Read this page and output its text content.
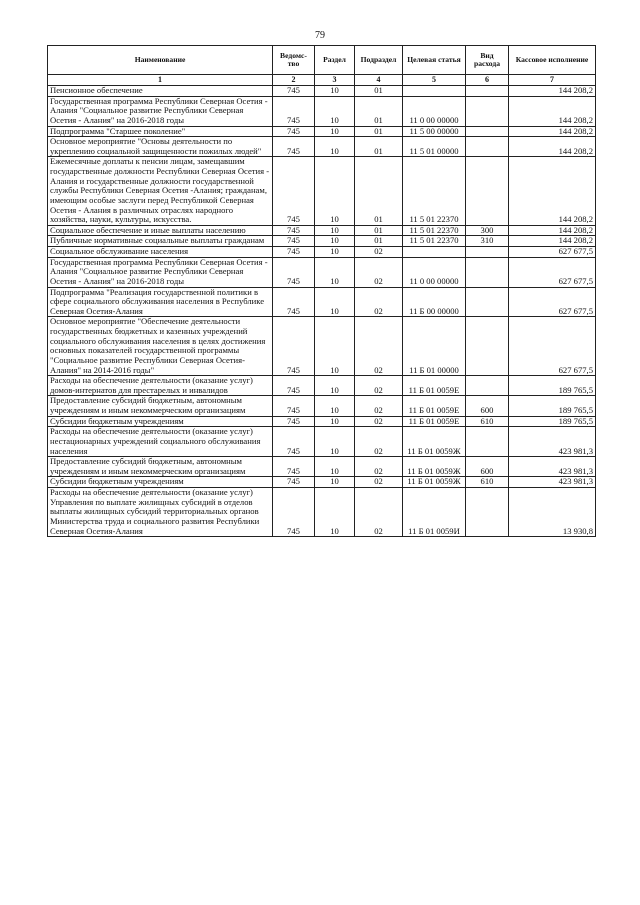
79
Наименование	Ведомс-тво	Раздел	Подраздел	Целевая статья	Вид расхода	Кассовое исполнение
1	2	3	4	5	6	7
Пенсионное обеспечение	745	10	01			144 208,2
Государственная программа Республики Северная Осетия - Алания "Социальное развитие Республики Северная Осетия - Алания" на 2016-2018 годы	745	10	01	11 0 00 00000		144 208,2
Подпрограмма "Старшее поколение"	745	10	01	11 5 00 00000		144 208,2
Основное мероприятие "Основы деятельности по укреплению социальной защищенности пожилых людей"	745	10	01	11 5 01 00000		144 208,2
Ежемесячные доплаты к пенсии лицам, замещавшим государственные должности Республики Северная Осетия - Алания и государственные должности государственной службы Республики Северная Осетия -Алания; гражданам, имеющим особые заслуги перед Республикой Северная Осетия - Алания в различных отраслях народного хозяйства, науки, культуры, искусства.	745	10	01	11 5 01 22370		144 208,2
Социальное обеспечение и иные выплаты населению	745	10	01	11 5 01 22370	300	144 208,2
Публичные нормативные социальные выплаты гражданам	745	10	01	11 5 01 22370	310	144 208,2
Социальное обслуживание населения	745	10	02			627 677,5
Государственная программа Республики Северная Осетия - Алания "Социальное развитие Республики Северная Осетия - Алания" на 2016-2018 годы	745	10	02	11 0 00 00000		627 677,5
Подпрограмма "Реализация государственной политики в сфере социального обслуживания населения в Республике Северная Осетия-Алания	745	10	02	11 Б 00 00000		627 677,5
Основное мероприятие "Обеспечение деятельности государственных бюджетных и казенных учреждений социального обслуживания населения в целях достижения основных показателей государственной программы "Социальное развитие Республики Северная Осетия-Алания" на 2014-2016 годы"	745	10	02	11 Б 01 00000		627 677,5
Расходы на обеспечение деятельности (оказание услуг) домов-интернатов для престарелых и инвалидов	745	10	02	11 Б 01 0059Е		189 765,5
Предоставление субсидий бюджетным, автономным учреждениям и иным некоммерческим организациям	745	10	02	11 Б 01 0059Е	600	189 765,5
Субсидии бюджетным учреждениям	745	10	02	11 Б 01 0059Е	610	189 765,5
Расходы на обеспечение деятельности (оказание услуг) нестационарных учреждений социального обслуживания населения	745	10	02	11 Б 01 0059Ж		423 981,3
Предоставление субсидий бюджетным, автономным учреждениям и иным некоммерческим организациям	745	10	02	11 Б 01 0059Ж	600	423 981,3
Субсидии бюджетным учреждениям	745	10	02	11 Б 01 0059Ж	610	423 981,3
Расходы на обеспечение деятельности (оказание услуг) Управления по выплате жилищных субсидий в отделов выплаты жилищных субсидий территориальных органов Министерства труда и социального развития Республики Северная Осетия-Алания	745	10	02	11 Б 01 0059И		13 930,8
